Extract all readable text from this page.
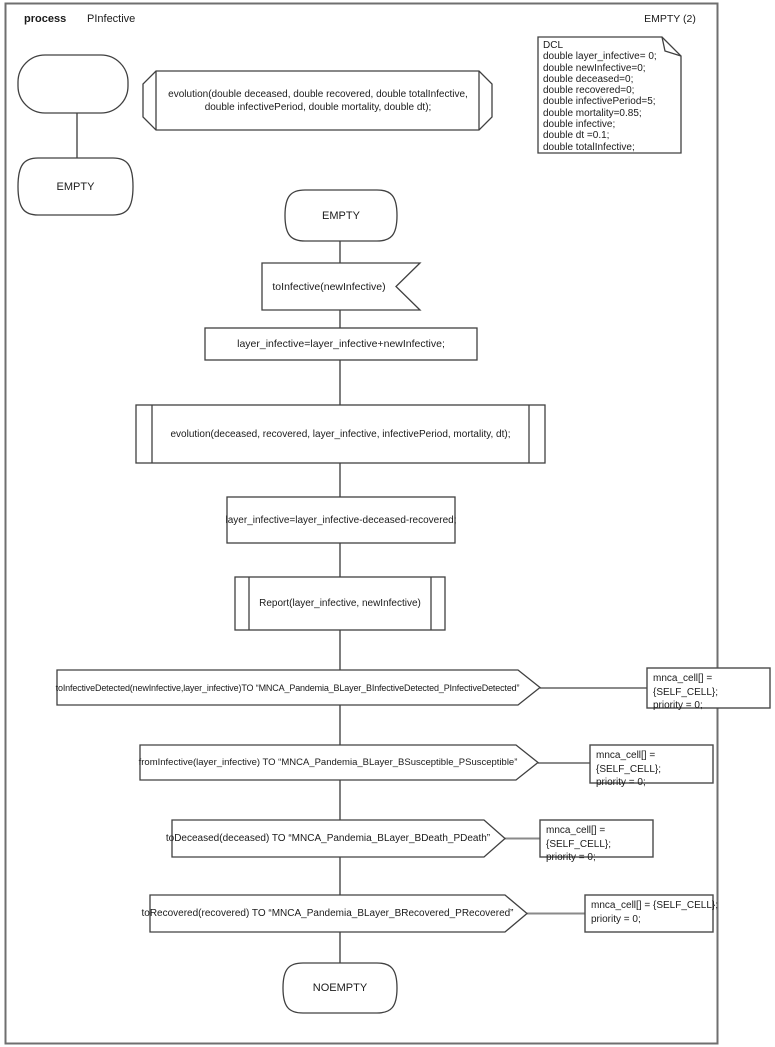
process PInfective	EMPTY (2)
DCL
double layer_infective= 0;
double newInfective=0;
double deceased=0;
double recovered=0;
double infectivePeriod=5;
double mortality=0.85;
double infective;
double dt =0.1;
double totalInfective;
evolution(double deceased, double recovered, double totalInfective,
double infectivePeriod, double mortality, double dt);
EMPTY
EMPTY
NOEMPTY
toInfective(newInfective)
layer_infective=layer_infective+newInfective;
evolution(deceased, recovered, layer_infective, infectivePeriod, mortality, dt);
layer_infective=layer_infective-deceased-recovered;
Report(layer_infective, newInfective)
toInfectiveDetected(newInfective,layer_infective)TO “MNCA_Pandemia_BLayer_BInfectiveDetected_PInfectiveDetected”
fromInfective(layer_infective) TO “MNCA_Pandemia_BLayer_BSusceptible_PSusceptible”
toDeceased(deceased) TO “MNCA_Pandemia_BLayer_BDeath_PDeath”
toRecovered(recovered) TO “MNCA_Pandemia_BLayer_BRecovered_PRecovered”
mnca_cell[] = {SELF_CELL};
priority = 0;
mnca_cell[] = {SELF_CELL};
priority = 0;
mnca_cell[] = {SELF_CELL};
priority = 0;
mnca_cell[] = {SELF_CELL};
priority = 0;
